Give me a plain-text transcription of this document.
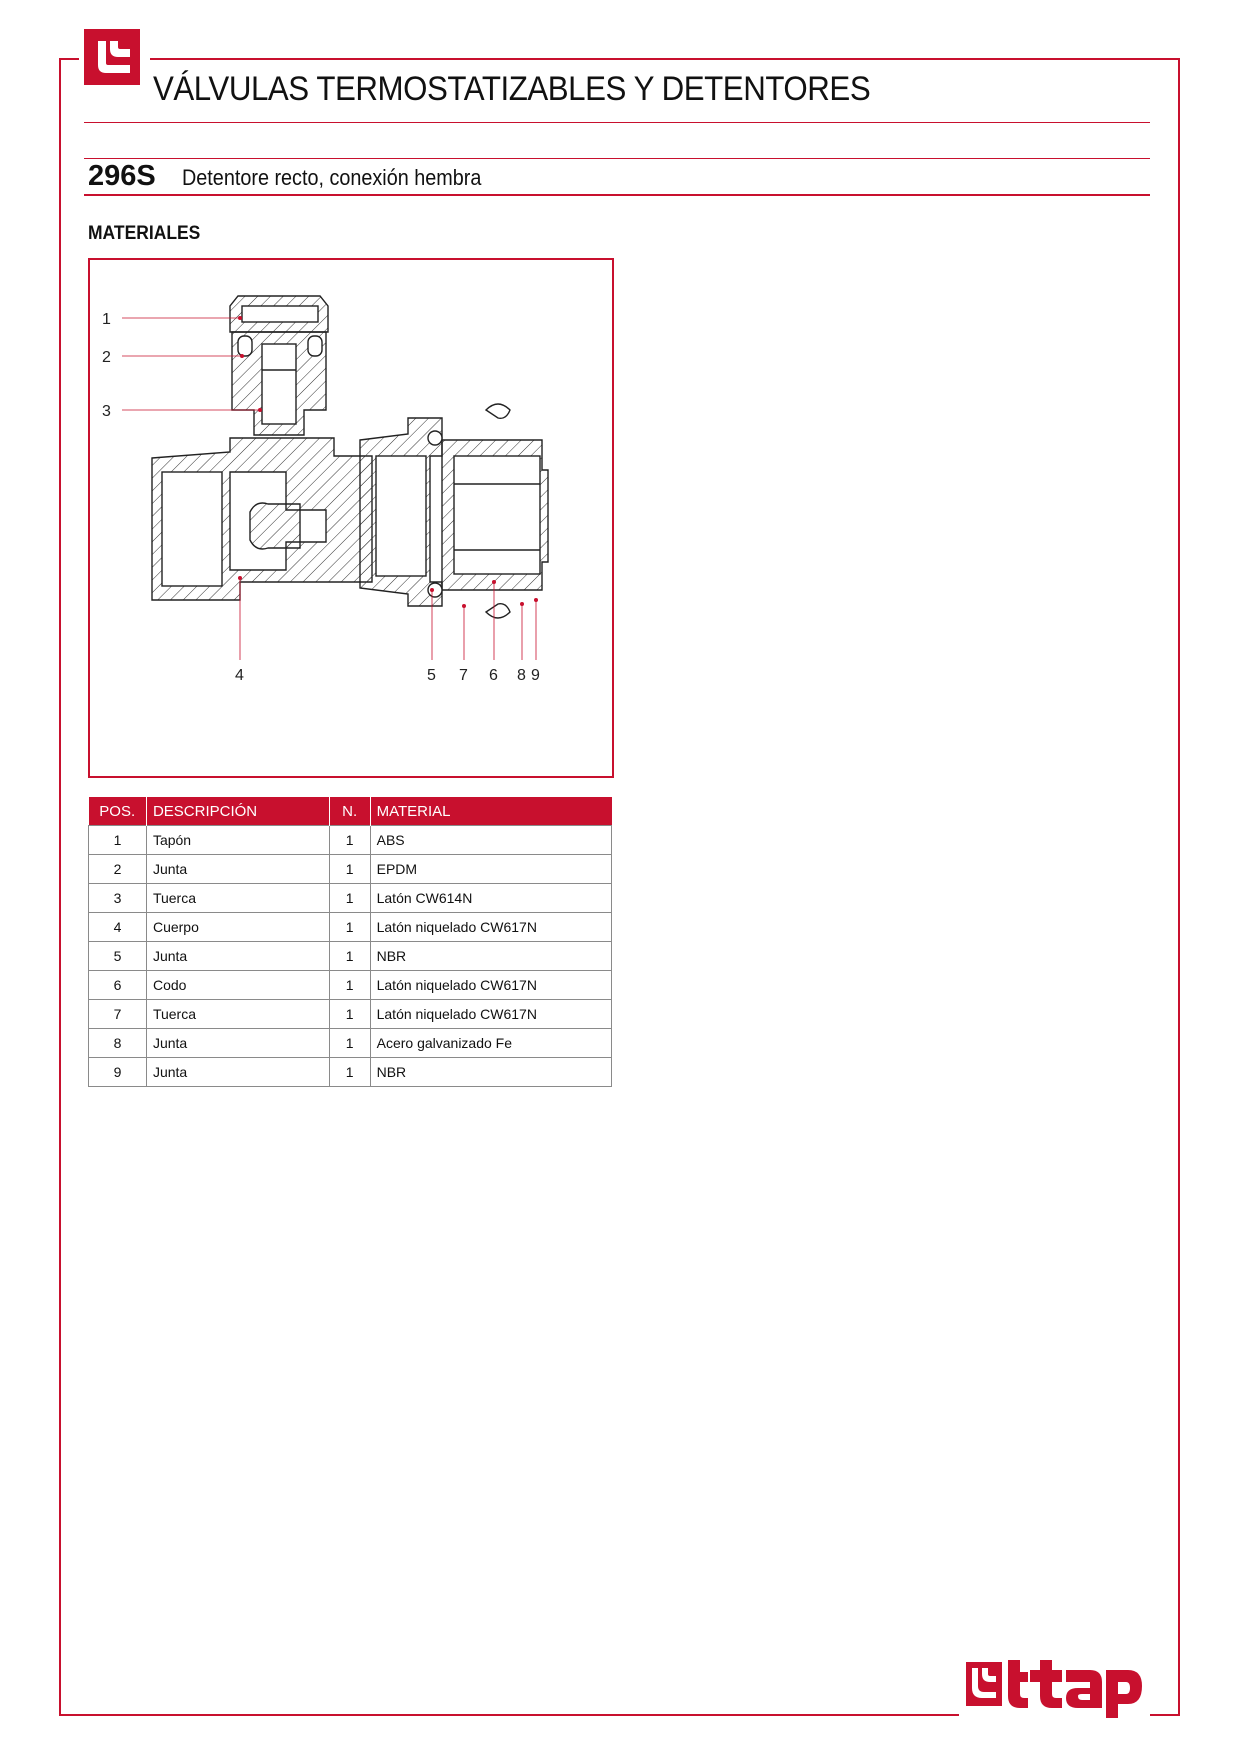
VÁLVULAS TERMOSTATIZABLES Y DETENTORES
296S Detentore recto, conexión hembra
MATERIALES
1
2
3
4	5 7 6 8 9
POS.	DESCRIPCIÓN	N.	MATERIAL
1	Tapón	1	ABS
2	Junta	1	EPDM
3	Tuerca	1	Latón CW614N
4	Cuerpo	1	Latón niquelado CW617N
5	Junta	1	NBR
6	Codo	1	Latón niquelado CW617N
7	Tuerca	1	Latón niquelado CW617N
8	Junta	1	Acero galvanizado Fe
9	Junta	1	NBR
